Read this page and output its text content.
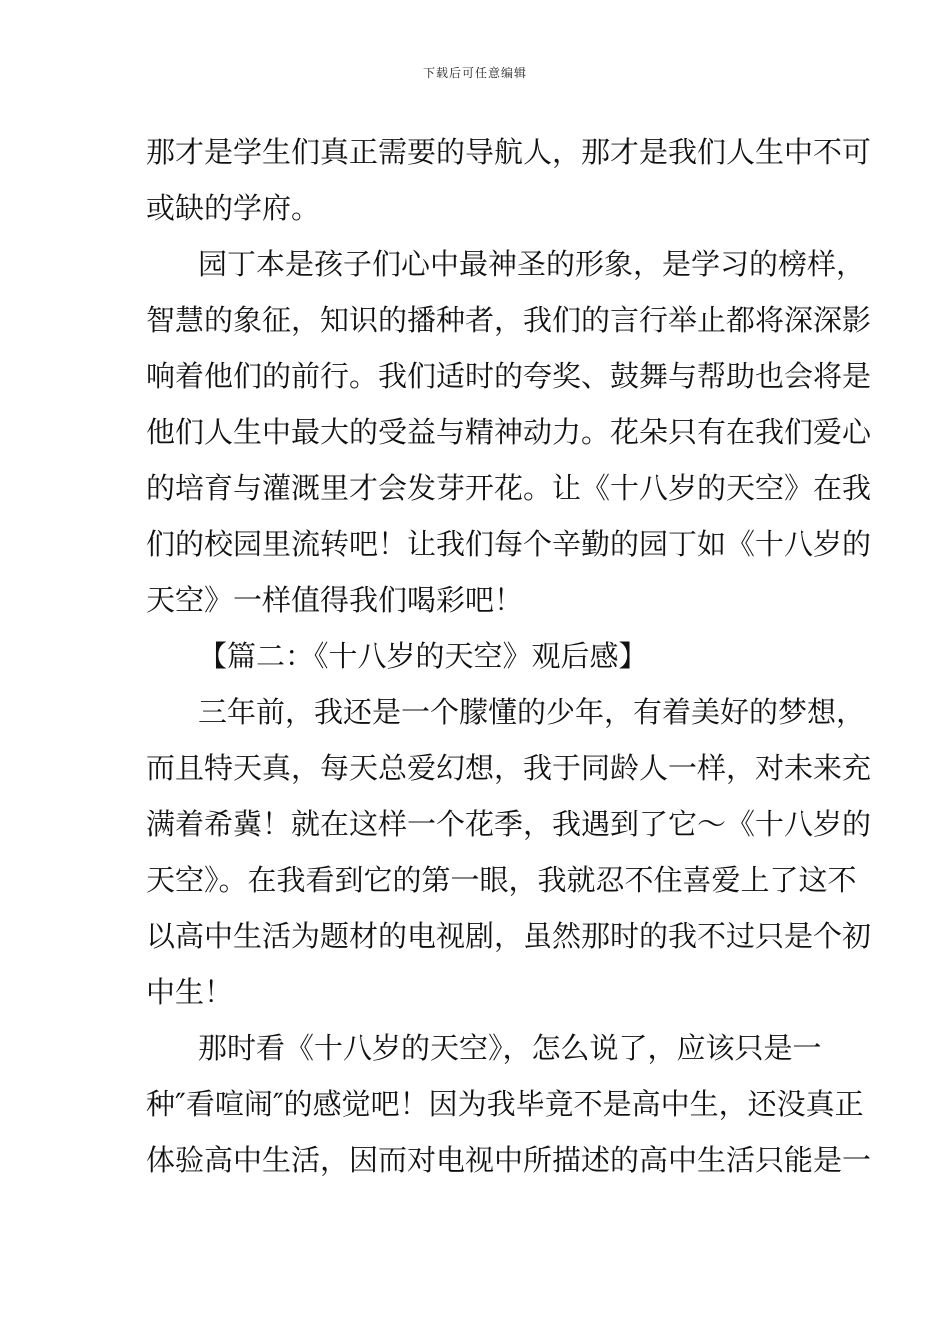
下载后可任意编辑
那才是学生们真正需要的导航人，那才是我们人生中不可
或缺的学府。
园丁本是孩子们心中最神圣的形象，是学习的榜样，
智慧的象征，知识的播种者，我们的言行举止都将深深影
响着他们的前行。我们适时的夸奖、鼓舞与帮助也会将是
他们人生中最大的受益与精神动力。花朵只有在我们爱心
的培育与灌溉里才会发芽开花。让《十八岁的天空》在我
们的校园里流转吧！让我们每个辛勤的园丁如《十八岁的
天空》一样值得我们喝彩吧！
【篇二：《十八岁的天空》观后感】
三年前，我还是一个朦懂的少年，有着美好的梦想，
而且特天真，每天总爱幻想，我于同龄人一样，对未来充
满着希冀！就在这样一个花季，我遇到了它～《十八岁的
天空》。在我看到它的第一眼，我就忍不住喜爱上了这不
以高中生活为题材的电视剧，虽然那时的我不过只是个初
中生！
那时看《十八岁的天空》，怎么说了，应该只是一
种″看喧闹″的感觉吧！因为我毕竟不是高中生，还没真正
体验高中生活，因而对电视中所描述的高中生活只能是一
